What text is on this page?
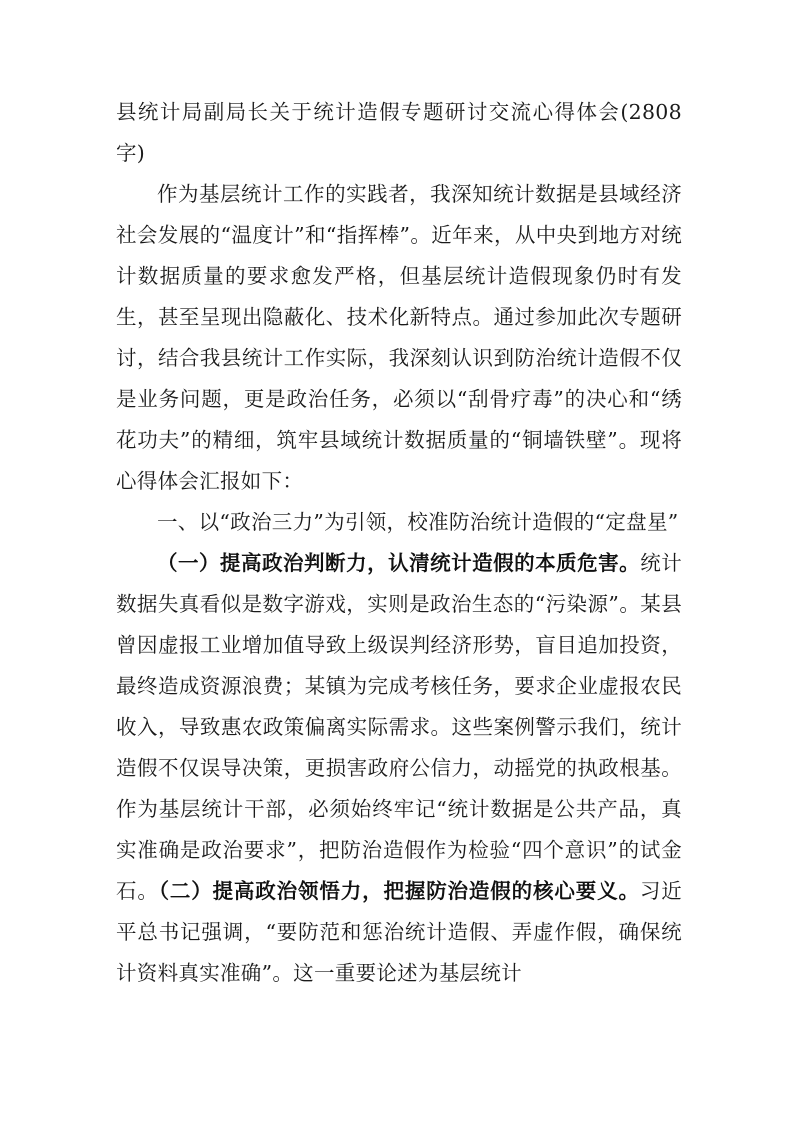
县统计局副局长关于统计造假专题研讨交流心得体会(2808字)

作为基层统计工作的实践者，我深知统计数据是县域经济社会发展的“温度计”和“指挥棒”。近年来，从中央到地方对统计数据质量的要求愈发严格，但基层统计造假现象仍时有发生，甚至呈现出隐蔽化、技术化新特点。通过参加此次专题研讨，结合我县统计工作实际，我深刻认识到防治统计造假不仅是业务问题，更是政治任务，必须以“刮骨疗毒”的决心和“绣花功夫”的精细，筑牢县域统计数据质量的“铜墙铁壁”。现将心得体会汇报如下：

一、以“政治三力”为引领，校准防治统计造假的“定盘星”

（一）提高政治判断力，认清统计造假的本质危害。统计数据失真看似是数字游戏，实则是政治生态的“污染源”。某县曾因虚报工业增加值导致上级误判经济形势，盲目追加投资，最终造成资源浪费；某镇为完成考核任务，要求企业虚报农民收入，导致惠农政策偏离实际需求。这些案例警示我们，统计造假不仅误导决策，更损害政府公信力，动摇党的执政根基。作为基层统计干部，必须始终牢记“统计数据是公共产品，真实准确是政治要求”，把防治造假作为检验“四个意识”的试金石。（二）提高政治领悟力，把握防治造假的核心要义。习近平总书记强调，“要防范和惩治统计造假、弄虚作假，确保统计资料真实准确”。这一重要论述为基层统计
